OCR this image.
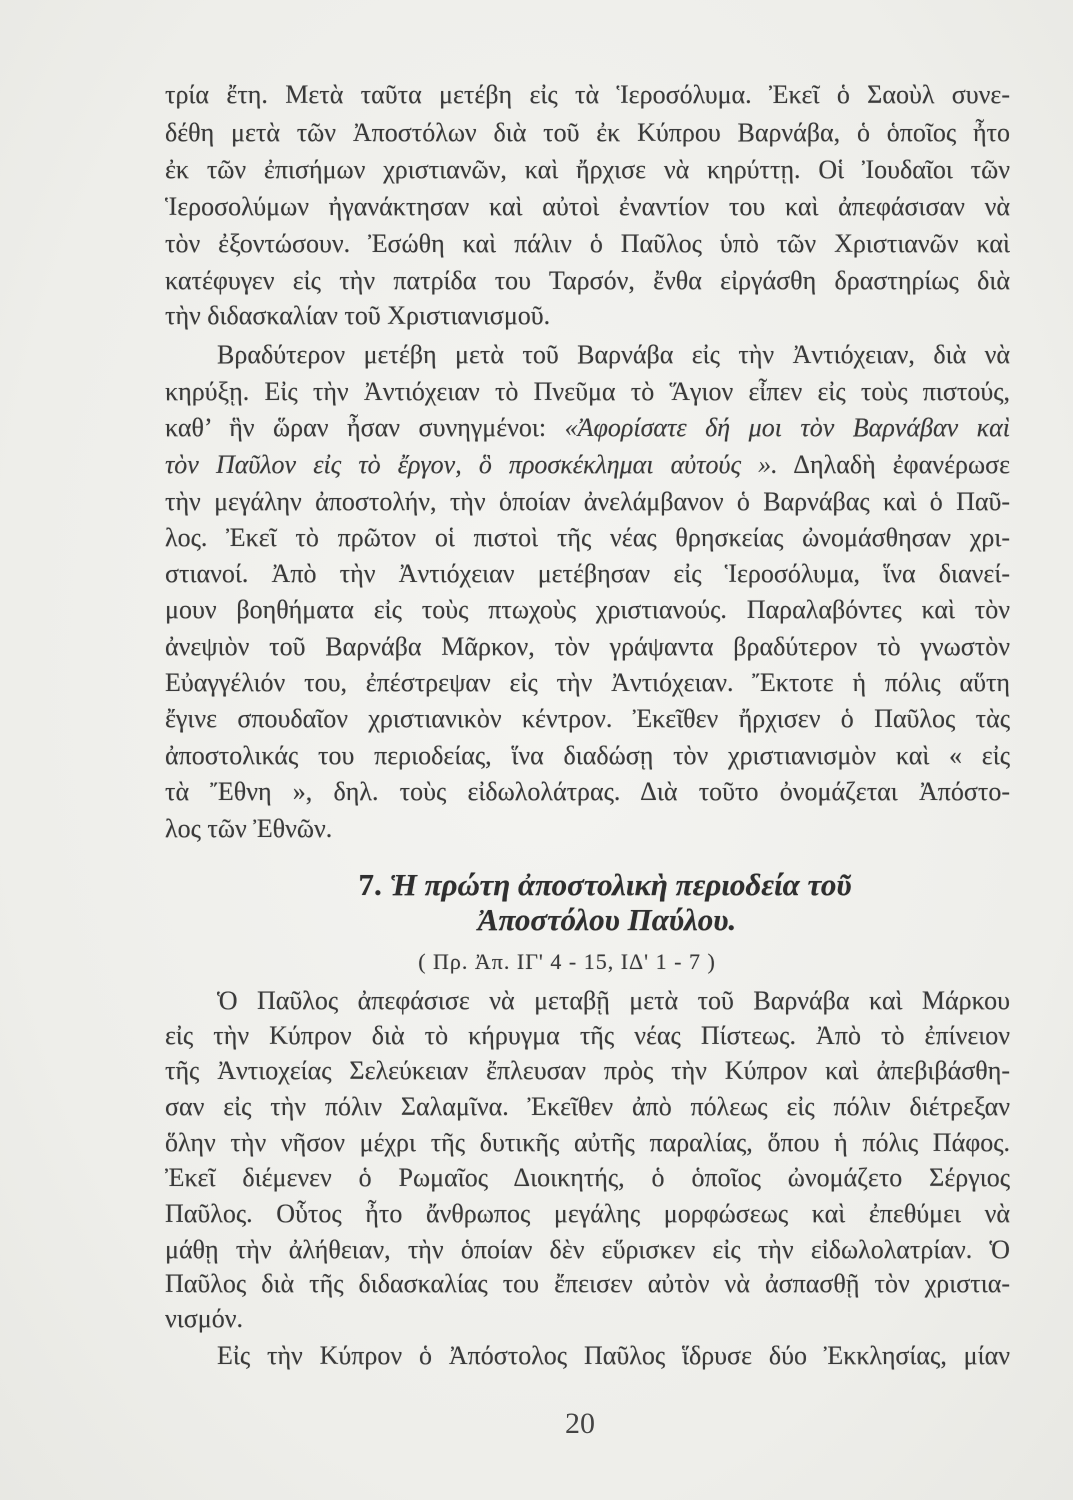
τρία ἔτη. Μετὰ ταῦτα μετέβη εἰς τὰ Ἱεροσόλυμα. Ἐκεῖ ὁ Σαοὺλ συνε-
δέθη μετὰ τῶν Ἀποστόλων διὰ τοῦ ἐκ Κύπρου Βαρνάβα, ὁ ὁποῖος ἦτο
ἐκ τῶν ἐπισήμων χριστιανῶν, καὶ ἤρχισε νὰ κηρύττῃ. Οἱ Ἰουδαῖοι τῶν
Ἱεροσολύμων ἠγανάκτησαν καὶ αὐτοὶ ἐναντίον του καὶ ἀπεφάσισαν νὰ
τὸν ἐξοντώσουν. Ἐσώθη καὶ πάλιν ὁ Παῦλος ὑπὸ τῶν Χριστιανῶν καὶ
κατέφυγεν εἰς τὴν πατρίδα του Ταρσόν, ἔνθα εἰργάσθη δραστηρίως διὰ
τὴν διδασκαλίαν τοῦ Χριστιανισμοῦ.
Βραδύτερον μετέβη μετὰ τοῦ Βαρνάβα εἰς τὴν Ἀντιόχειαν, διὰ νὰ
κηρύξῃ. Εἰς τὴν Ἀντιόχειαν τὸ Πνεῦμα τὸ Ἅγιον εἶπεν εἰς τοὺς πιστούς,
καθ’ ἣν ὥραν ἦσαν συνηγμένοι: «Ἀφορίσατε δή μοι τὸν Βαρνάβαν καὶ
τὸν Παῦλον εἰς τὸ ἔργον, ὃ προσκέκλημαι αὐτούς ». Δηλαδὴ ἐφανέρωσε
τὴν μεγάλην ἀποστολήν, τὴν ὁποίαν ἀνελάμβανον ὁ Βαρνάβας καὶ ὁ Παῦ-
λος. Ἐκεῖ τὸ πρῶτον οἱ πιστοὶ τῆς νέας θρησκείας ὠνομάσθησαν χρι-
στιανοί. Ἀπὸ τὴν Ἀντιόχειαν μετέβησαν εἰς Ἱεροσόλυμα, ἵνα διανεί-
μουν βοηθήματα εἰς τοὺς πτωχοὺς χριστιανούς. Παραλαβόντες καὶ τὸν
ἀνεψιὸν τοῦ Βαρνάβα Μᾶρκον, τὸν γράψαντα βραδύτερον τὸ γνωστὸν
Εὐαγγέλιόν του, ἐπέστρεψαν εἰς τὴν Ἀντιόχειαν. Ἔκτοτε ἡ πόλις αὕτη
ἔγινε σπουδαῖον χριστιανικὸν κέντρον. Ἐκεῖθεν ἤρχισεν ὁ Παῦλος τὰς
ἀποστολικάς του περιοδείας, ἵνα διαδώσῃ τὸν χριστιανισμὸν καὶ « εἰς
τὰ Ἔθνη », δηλ. τοὺς εἰδωλολάτρας. Διὰ τοῦτο ὀνομάζεται Ἀπόστο-
λος τῶν Ἐθνῶν.
7. Ἡ πρώτη ἀποστολικὴ περιοδεία τοῦ
Ἀποστόλου Παύλου.
( Πρ. Ἀπ. ΙΓ' 4 - 15, ΙΔ' 1 - 7 )
Ὁ Παῦλος ἀπεφάσισε νὰ μεταβῇ μετὰ τοῦ Βαρνάβα καὶ Μάρκου
εἰς τὴν Κύπρον διὰ τὸ κήρυγμα τῆς νέας Πίστεως. Ἀπὸ τὸ ἐπίνειον
τῆς Ἀντιοχείας Σελεύκειαν ἔπλευσαν πρὸς τὴν Κύπρον καὶ ἀπεβιβάσθη-
σαν εἰς τὴν πόλιν Σαλαμῖνα. Ἐκεῖθεν ἀπὸ πόλεως εἰς πόλιν διέτρεξαν
ὅλην τὴν νῆσον μέχρι τῆς δυτικῆς αὐτῆς παραλίας, ὅπου ἡ πόλις Πάφος.
Ἐκεῖ διέμενεν ὁ Ρωμαῖος Διοικητής, ὁ ὁποῖος ὠνομάζετο Σέργιος
Παῦλος. Οὗτος ἦτο ἄνθρωπος μεγάλης μορφώσεως καὶ ἐπεθύμει νὰ
μάθῃ τὴν ἀλήθειαν, τὴν ὁποίαν δὲν εὕρισκεν εἰς τὴν εἰδωλολατρίαν. Ὁ
Παῦλος διὰ τῆς διδασκαλίας του ἔπεισεν αὐτὸν νὰ ἀσπασθῇ τὸν χριστια-
νισμόν.
Εἰς τὴν Κύπρον ὁ Ἀπόστολος Παῦλος ἵδρυσε δύο Ἐκκλησίας, μίαν
20
